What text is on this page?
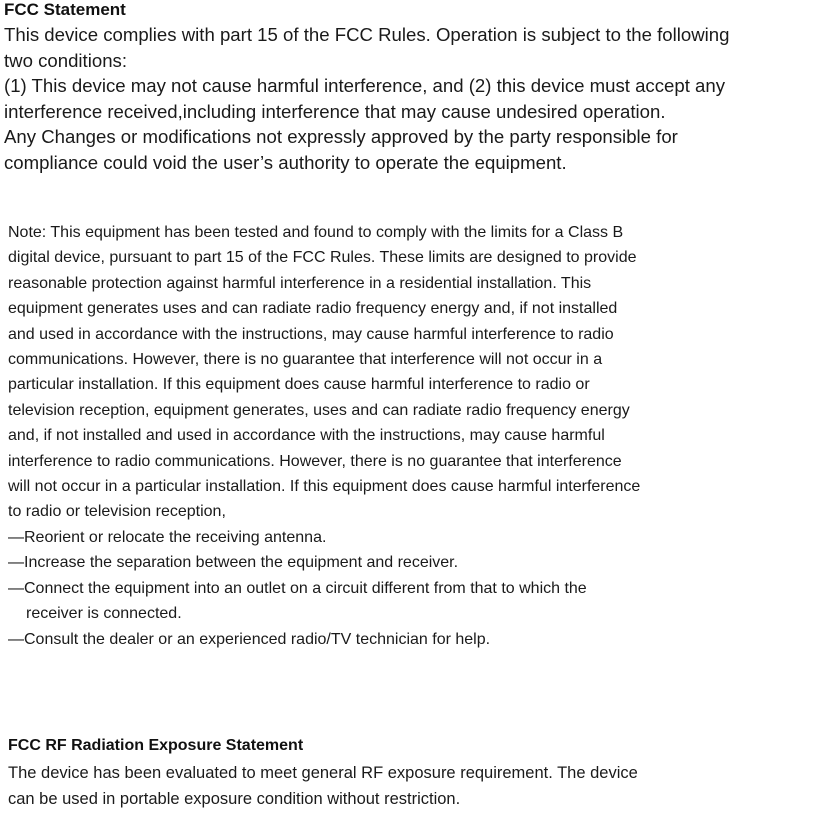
FCC Statement
This device complies with part 15 of the FCC Rules. Operation is subject to the following
two conditions:
(1) This device may not cause harmful interference, and (2) this device must accept any
interference received,including interference that may cause undesired operation.
Any Changes or modifications not expressly approved by the party responsible for
compliance could void the user’s authority to operate the equipment.
Note: This equipment has been tested and found to comply with the limits for a Class B
digital device, pursuant to part 15 of the FCC Rules. These limits are designed to provide
reasonable protection against harmful interference in a residential installation. This
equipment generates uses and can radiate radio frequency energy and, if not installed
and used in accordance with the instructions, may cause harmful interference to radio
communications. However, there is no guarantee that interference will not occur in a
particular installation. If this equipment does cause harmful interference to radio or
television reception, equipment generates, uses and can radiate radio frequency energy
and, if not installed and used in accordance with the instructions, may cause harmful
interference to radio communications. However, there is no guarantee that interference
will not occur in a particular installation. If this equipment does cause harmful interference
to radio or television reception,
—Reorient or relocate the receiving antenna.
—Increase the separation between the equipment and receiver.
—Connect the equipment into an outlet on a circuit different from that to which the
receiver is connected.
—Consult the dealer or an experienced radio/TV technician for help.
FCC RF Radiation Exposure Statement
The device has been evaluated to meet general RF exposure requirement. The device
can be used in portable exposure condition without restriction.
